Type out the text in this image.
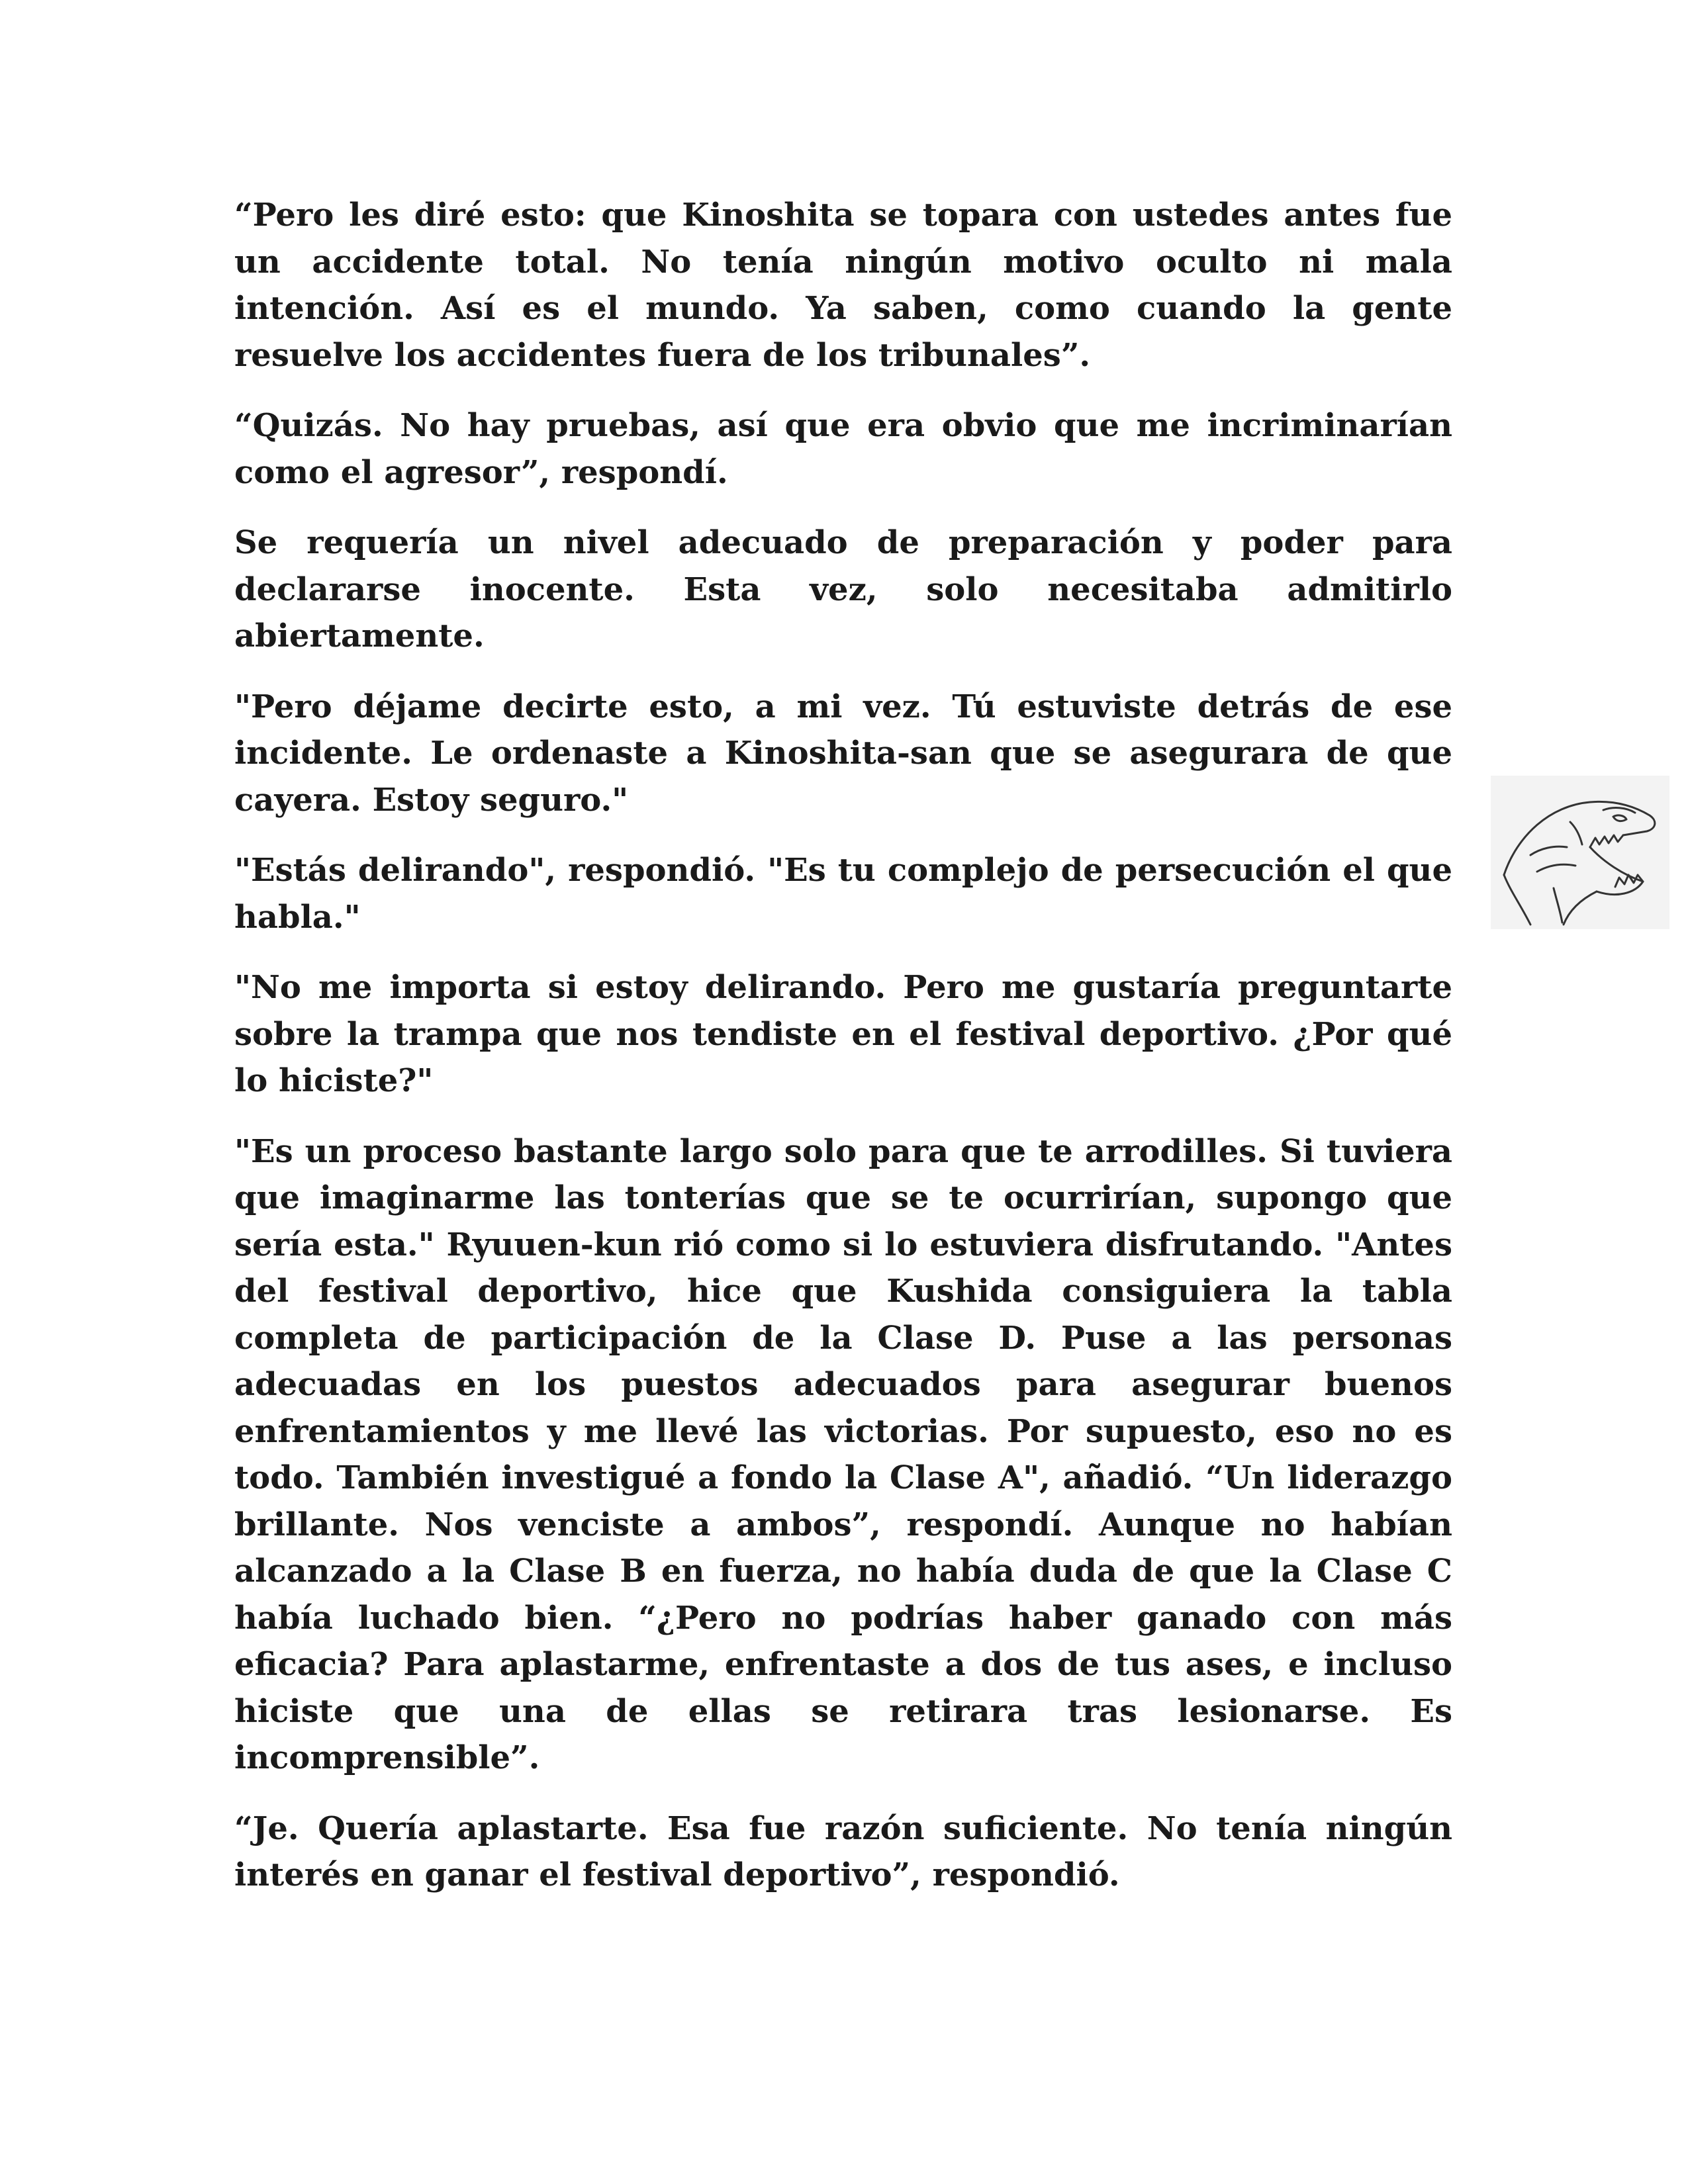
“Pero les diré esto: que Kinoshita se topara con ustedes antes fue un accidente total. No tenía ningún motivo oculto ni mala intención. Así es el mundo. Ya saben, como cuando la gente resuelve los accidentes fuera de los tribunales”.

“Quizás. No hay pruebas, así que era obvio que me incriminarían como el agresor”, respondí.

Se requería un nivel adecuado de preparación y poder para declararse inocente. Esta vez, solo necesitaba admitirlo abiertamente.

"Pero déjame decirte esto, a mi vez. Tú estuviste detrás de ese incidente. Le ordenaste a Kinoshita-san que se asegurara de que cayera. Estoy seguro."

"Estás delirando", respondió. "Es tu complejo de persecución el que habla."

"No me importa si estoy delirando. Pero me gustaría preguntarte sobre la trampa que nos tendiste en el festival deportivo. ¿Por qué lo hiciste?"

"Es un proceso bastante largo solo para que te arrodilles. Si tuviera que imaginarme las tonterías que se te ocurrirían, supongo que sería esta." Ryuuen-kun rió como si lo estuviera disfrutando. "Antes del festival deportivo, hice que Kushida consiguiera la tabla completa de participación de la Clase D. Puse a las personas adecuadas en los puestos adecuados para asegurar buenos enfrentamientos y me llevé las victorias. Por supuesto, eso no es todo. También investigué a fondo la Clase A", añadió. “Un liderazgo brillante. Nos venciste a ambos”, respondí. Aunque no habían alcanzado a la Clase B en fuerza, no había duda de que la Clase C había luchado bien. “¿Pero no podrías haber ganado con más eficacia? Para aplastarme, enfrentaste a dos de tus ases, e incluso hiciste que una de ellas se retirara tras lesionarse. Es incomprensible”.

“Je. Quería aplastarte. Esa fue razón suficiente. No tenía ningún interés en ganar el festival deportivo”, respondió.
